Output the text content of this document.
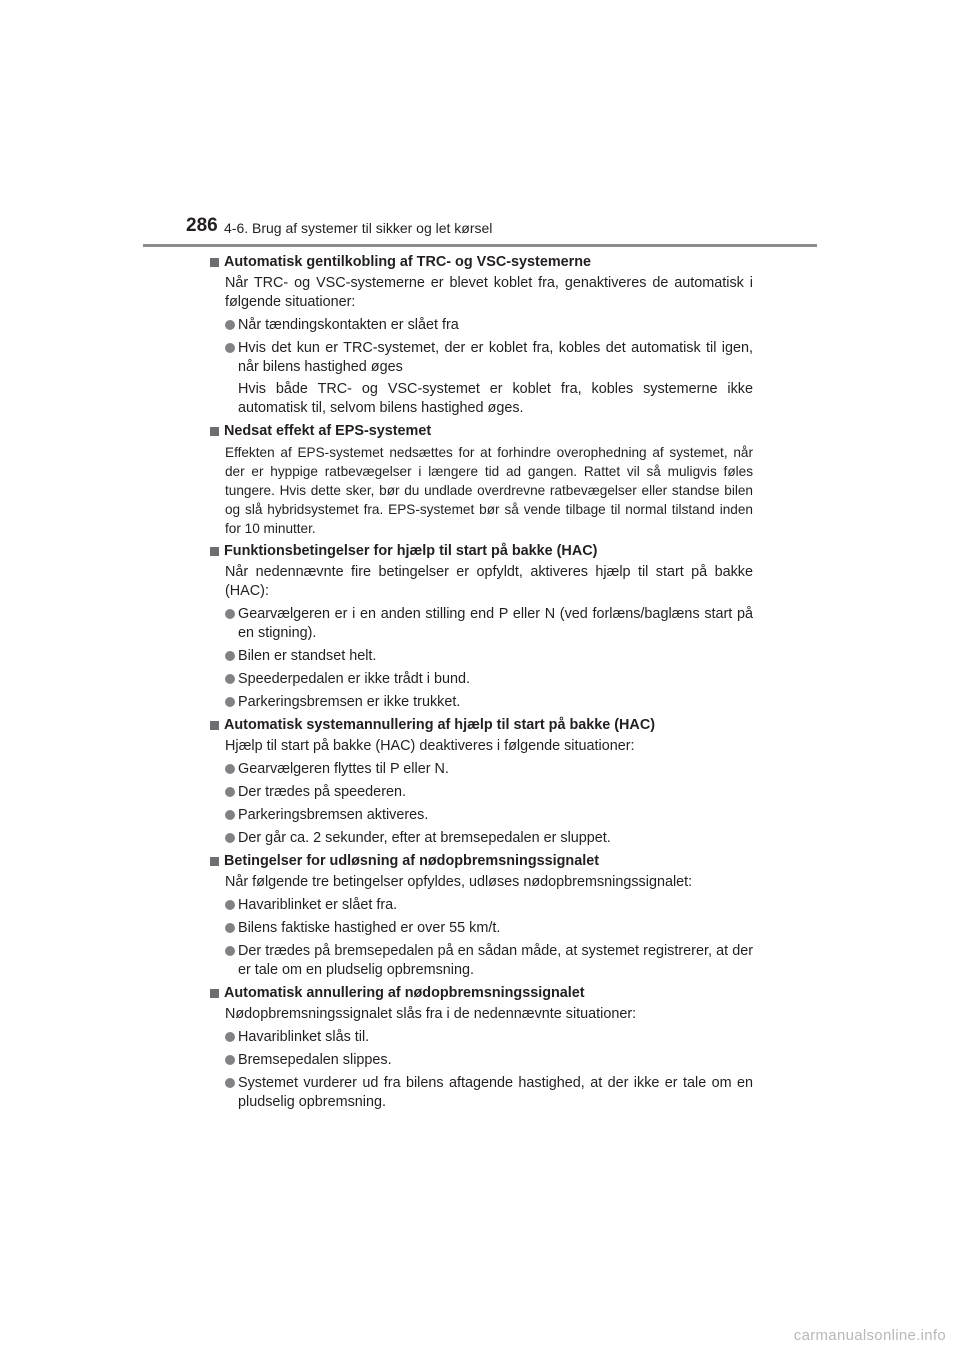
286 4-6. Brug af systemer til sikker og let kørsel
Automatisk gentilkobling af TRC- og VSC-systemerne
Når TRC- og VSC-systemerne er blevet koblet fra, genaktiveres de automatisk i følgende situationer:
Når tændingskontakten er slået fra
Hvis det kun er TRC-systemet, der er koblet fra, kobles det automatisk til igen, når bilens hastighed øges
Hvis både TRC- og VSC-systemet er koblet fra, kobles systemerne ikke automatisk til, selvom bilens hastighed øges.
Nedsat effekt af EPS-systemet
Effekten af EPS-systemet nedsættes for at forhindre overophedning af systemet, når der er hyppige ratbevægelser i længere tid ad gangen. Rattet vil så muligvis føles tungere. Hvis dette sker, bør du undlade overdrevne ratbevægelser eller standse bilen og slå hybridsystemet fra. EPS-systemet bør så vende tilbage til normal tilstand inden for 10 minutter.
Funktionsbetingelser for hjælp til start på bakke (HAC)
Når nedennævnte fire betingelser er opfyldt, aktiveres hjælp til start på bakke (HAC):
Gearvælgeren er i en anden stilling end P eller N (ved forlæns/baglæns start på en stigning).
Bilen er standset helt.
Speederpedalen er ikke trådt i bund.
Parkeringsbremsen er ikke trukket.
Automatisk systemannullering af hjælp til start på bakke (HAC)
Hjælp til start på bakke (HAC) deaktiveres i følgende situationer:
Gearvælgeren flyttes til P eller N.
Der trædes på speederen.
Parkeringsbremsen aktiveres.
Der går ca. 2 sekunder, efter at bremsepedalen er sluppet.
Betingelser for udløsning af nødopbremsningssignalet
Når følgende tre betingelser opfyldes, udløses nødopbremsningssignalet:
Havariblinket er slået fra.
Bilens faktiske hastighed er over 55 km/t.
Der trædes på bremsepedalen på en sådan måde, at systemet registrerer, at der er tale om en pludselig opbremsning.
Automatisk annullering af nødopbremsningssignalet
Nødopbremsningssignalet slås fra i de nedennævnte situationer:
Havariblinket slås til.
Bremsepedalen slippes.
Systemet vurderer ud fra bilens aftagende hastighed, at der ikke er tale om en pludselig opbremsning.
carmanualsonline.info
